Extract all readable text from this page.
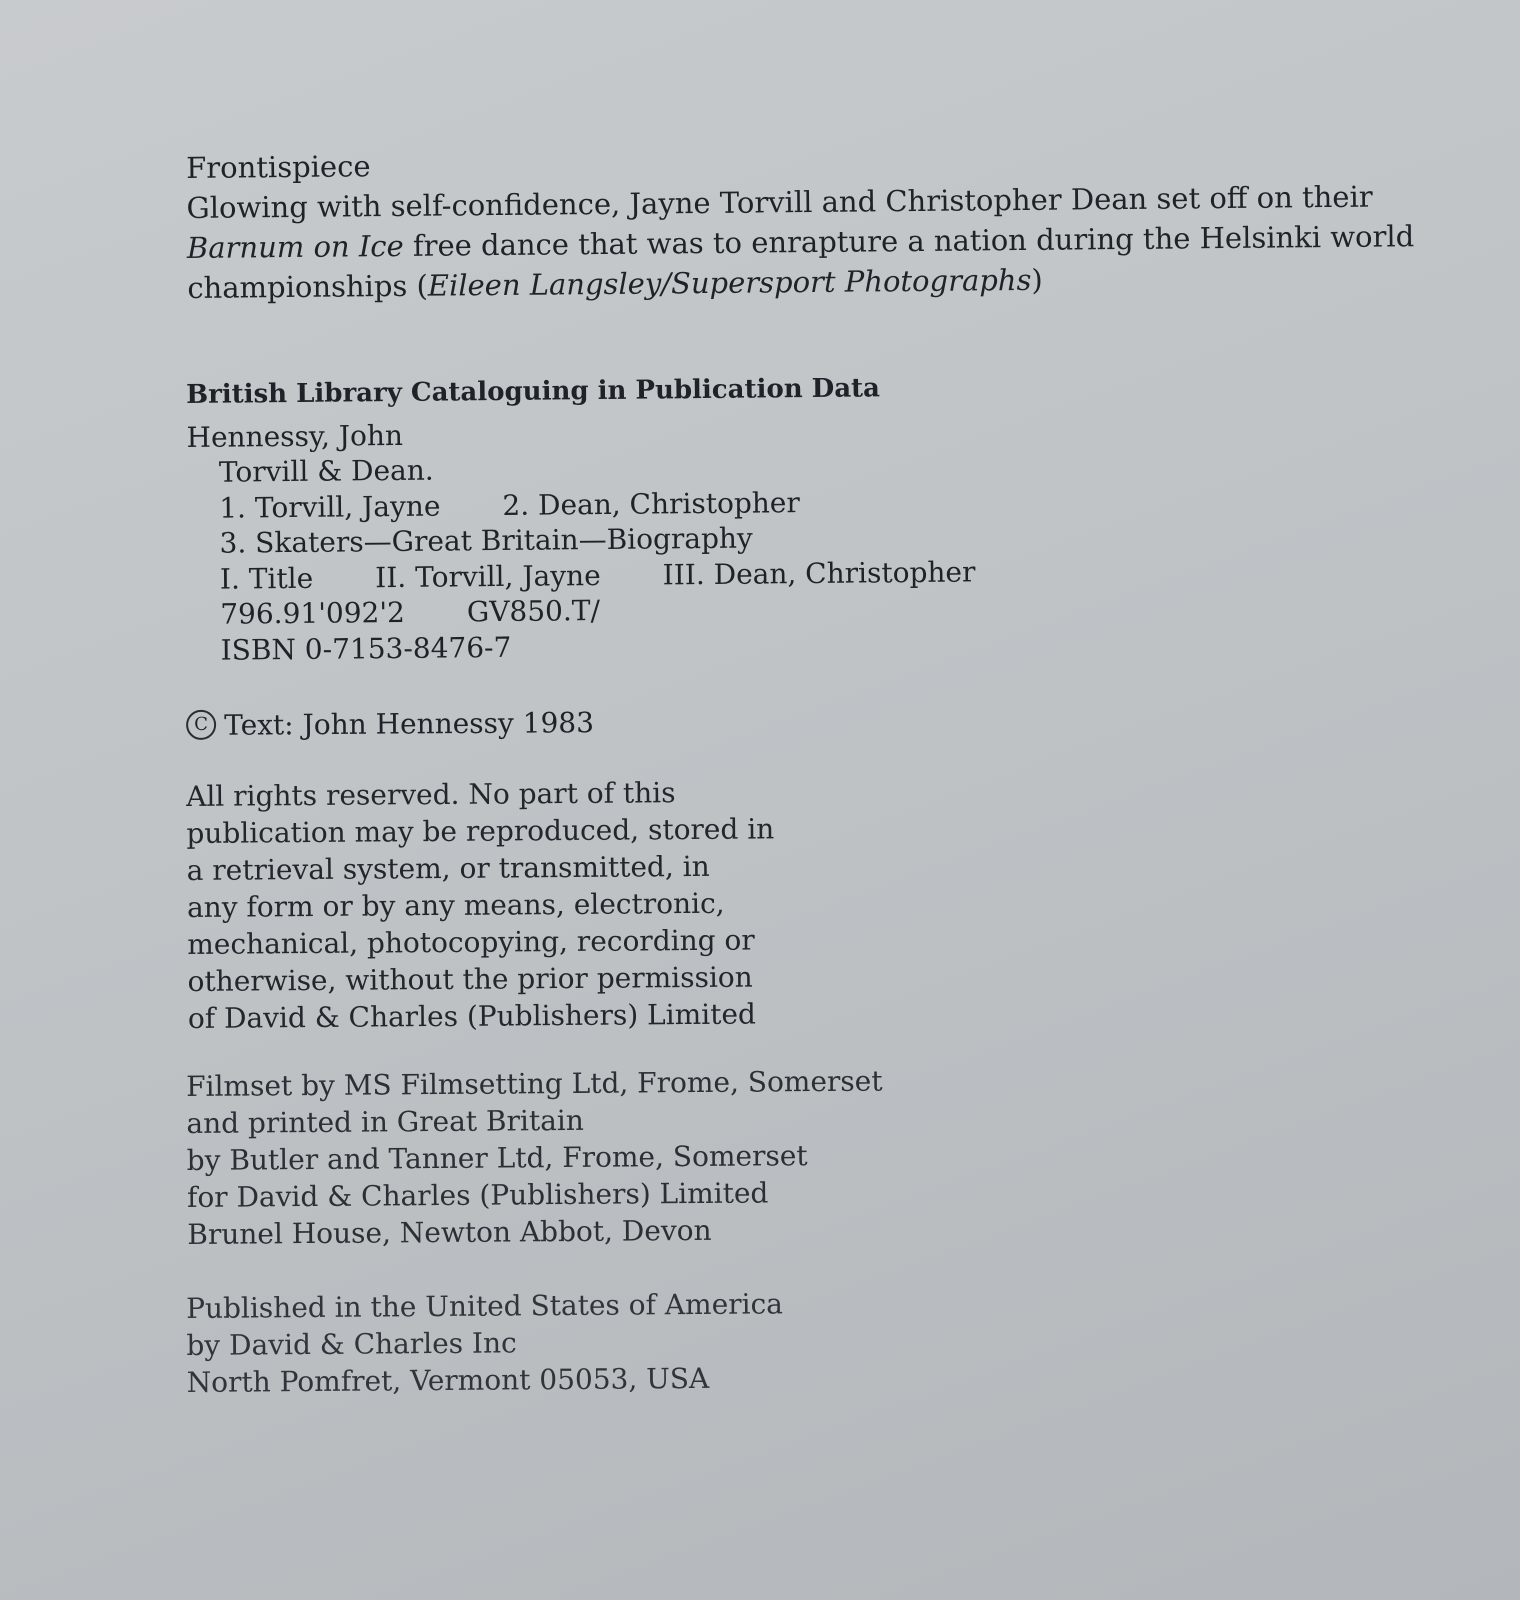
Frontispiece
Glowing with self-confidence, Jayne Torvill and Christopher Dean set off on their
Barnum on Ice free dance that was to enrapture a nation during the Helsinki world
championships (Eileen Langsley/Supersport Photographs)
British Library Cataloguing in Publication Data
Hennessy, John
Torvill & Dean.
1. Torvill, Jayne 2. Dean, Christopher
3. Skaters—Great Britain—Biography
I. Title II. Torvill, Jayne III. Dean, Christopher
796.91'092'2 GV850.T/
ISBN 0-7153-8476-7
C Text: John Hennessy 1983
All rights reserved. No part of this
publication may be reproduced, stored in
a retrieval system, or transmitted, in
any form or by any means, electronic,
mechanical, photocopying, recording or
otherwise, without the prior permission
of David & Charles (Publishers) Limited
Filmset by MS Filmsetting Ltd, Frome, Somerset
and printed in Great Britain
by Butler and Tanner Ltd, Frome, Somerset
for David & Charles (Publishers) Limited
Brunel House, Newton Abbot, Devon
Published in the United States of America
by David & Charles Inc
North Pomfret, Vermont 05053, USA
